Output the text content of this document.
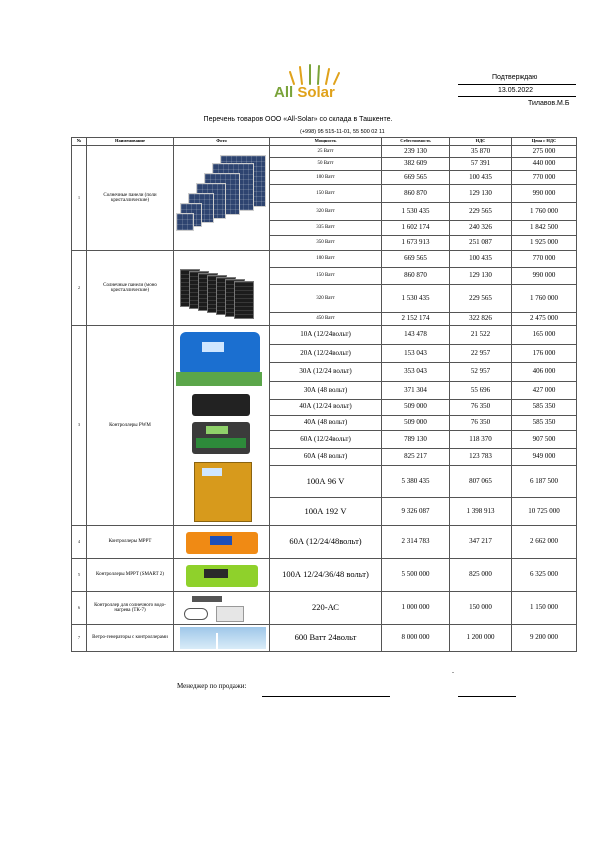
All Solar
Подтверждаю
13.05.2022
Тилавов.М.Б
Перечень товаров ООО «All-Solar» со склада в Ташкенте.
(+998) 95 515-11-01, 55 500 02 11
№	Наименование	Фото	Мощность	Себестоимость	НДС	Цена с НДС
1	Солнечные панели (поли кристаллические)		25 Ватт	239 130	35 870	275 000
			50 Ватт	382 609	57 391	440 000
			100 Ватт	669 565	100 435	770 000
			150 Ватт	860 870	129 130	990 000
			320 Ватт	1 530 435	229 565	1 760 000
			335 Ватт	1 602 174	240 326	1 842 500
			350 Ватт	1 673 913	251 087	1 925 000
2	Солнечные панели (моно кристаллические)		100 Ватт	669 565	100 435	770 000
			150 Ватт	860 870	129 130	990 000
			320 Ватт	1 530 435	229 565	1 760 000
			450 Ватт	2 152 174	322 826	2 475 000
3	Контроллеры PWM		10А (12/24вольт)	143 478	21 522	165 000
			20А (12/24вольт)	153 043	22 957	176 000
			30А (12/24 вольт)	353 043	52 957	406 000
			30А (48 вольт)	371 304	55 696	427 000
			40А (12/24 вольт)	509 000	76 350	585 350
			40А (48 вольт)	509 000	76 350	585 350
			60А (12/24вольт)	789 130	118 370	907 500
			60А (48 вольт)	825 217	123 783	949 000
			100А 96 V	5 380 435	807 065	6 187 500
			100А 192 V	9 326 087	1 398 913	10 725 000
4	Контроллеры MPPT		60А (12/24/48вольт)	2 314 783	347 217	2 662 000
5	Контроллеры MPPT (SMART 2)		100А 12/24/36/48 вольт)	5 500 000	825 000	6 325 000
6	Контроллер для солнечного водо-нагрева (ТК-7)		220-АС	1 000 000	150 000	1 150 000
7	Ветро-генераторы с контроллерами		600 Ватт 24вольт	8 000 000	1 200 000	9 200 000
Менеджер по продажи:
-
